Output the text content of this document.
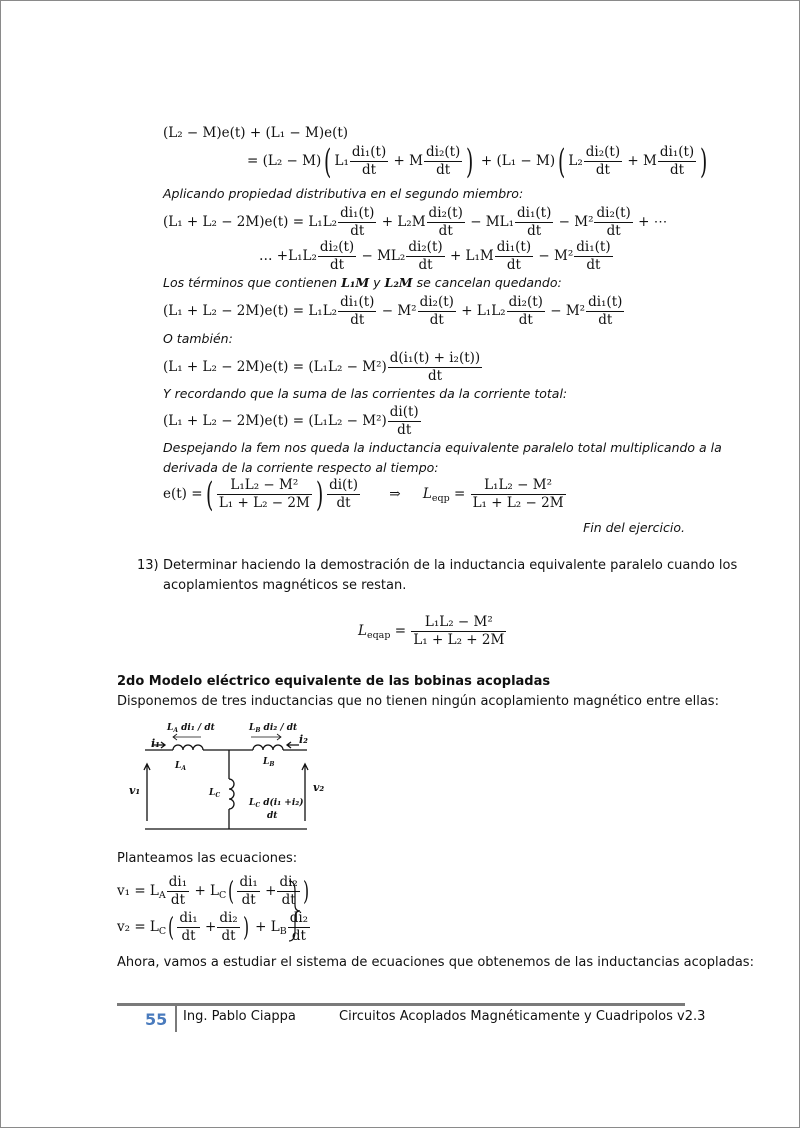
(L₂ − M)e(t) + (L₁ − M)e(t)
= (L₂ − M)( $L_1 \frac{\text{di₁(t)}}{dt} + M \frac{\text{di₂(t)}}{dt}$ ) + (L₁ − M)( $L_2 \frac{\text{di₂(t)}}{dt} + M \frac{\text{di₁(t)}}{dt}$ )
Aplicando propiedad distributiva en el segundo miembro:
$(L_1 + L_2 - 2M)e(t) = L_1L_2 \frac{\text{di₁(t)}}{dt} + L_2M \frac{\text{di₂(t)}}{dt} - ML_1 \frac{\text{di₁(t)}}{dt} - M^2 \frac{\text{di₂(t)}}{dt}$ + ⋯
… $+L_1L_2 \frac{\text{di₂(t)}}{dt} - ML_2 \frac{\text{di₂(t)}}{dt} + L_1M \frac{\text{di₁(t)}}{dt} - M^2 \frac{\text{di₁(t)}}{dt}$
Los términos que contienen L₁M y L₂M se cancelan quedando:
$(L_1 + L_2 - 2M)e(t) = L_1L_2 \frac{\text{di₁(t)}}{dt} - M^2 \frac{\text{di₂(t)}}{dt} + L_1L_2 \frac{\text{di₂(t)}}{dt} - M^2 \frac{\text{di₁(t)}}{dt}$
O también:
$(L_1 + L_2 - 2M)e(t) = (L_1L_2 - M^2) \frac{\text{d(i₁(t) + i₂(t))}}{dt}$
Y recordando que la suma de las corrientes da la corriente total:
$(L_1 + L_2 - 2M)e(t) = (L_1L_2 - M^2) \frac{di(t)}{dt}$
Despejando la fem nos queda la inductancia equivalente paralelo total multiplicando a la
derivada de la corriente respecto al tiempo:
e(t) =( $\frac{\text{L₁L₂ − M²}}{\text{L₁ + L₂ − 2M}}$ ) $\frac{di(t)}{dt}$ ⇒ $L_{eqp} = \frac{\text{L₁L₂ − M²}}{\text{L₁ + L₂ − 2M}}$
Fin del ejercicio.
13) Determinar haciendo la demostración de la inductancia equivalente paralelo cuando los
acoplamientos magnéticos se restan.
$L_{eqap} = \frac{\text{L₁L₂ − M²}}{\text{L₁ + L₂ + 2M}}$
2do Modelo eléctrico equivalente de las bobinas acopladas
Disponemos de tres inductancias que no tienen ningún acoplamiento magnético entre ellas:
$L_A$ di₁ / dt	$L_B$ di₂ / dt
i₁	i₂
$L_A$
$L_B$
$L_C$
v₁	v₂
$L_C$ d(i₁ +i₂)
dt
Planteamos las ecuaciones:
$v_1 = L_A \frac{\text{di₁}}{dt} + L_C( \frac{\text{di₁}}{dt} + \frac{\text{di₂}}{dt}$ )
$v_2 = L_C( \frac{\text{di₁}}{dt} + \frac{\text{di₂}}{dt}$ ) + $L_B \frac{\text{di₂}}{dt}$
Ahora, vamos a estudiar el sistema de ecuaciones que obtenemos de las inductancias acopladas:
55 Ing. Pablo Ciappa	Circuitos Acoplados Magnéticamente y Cuadripolos v2.3
